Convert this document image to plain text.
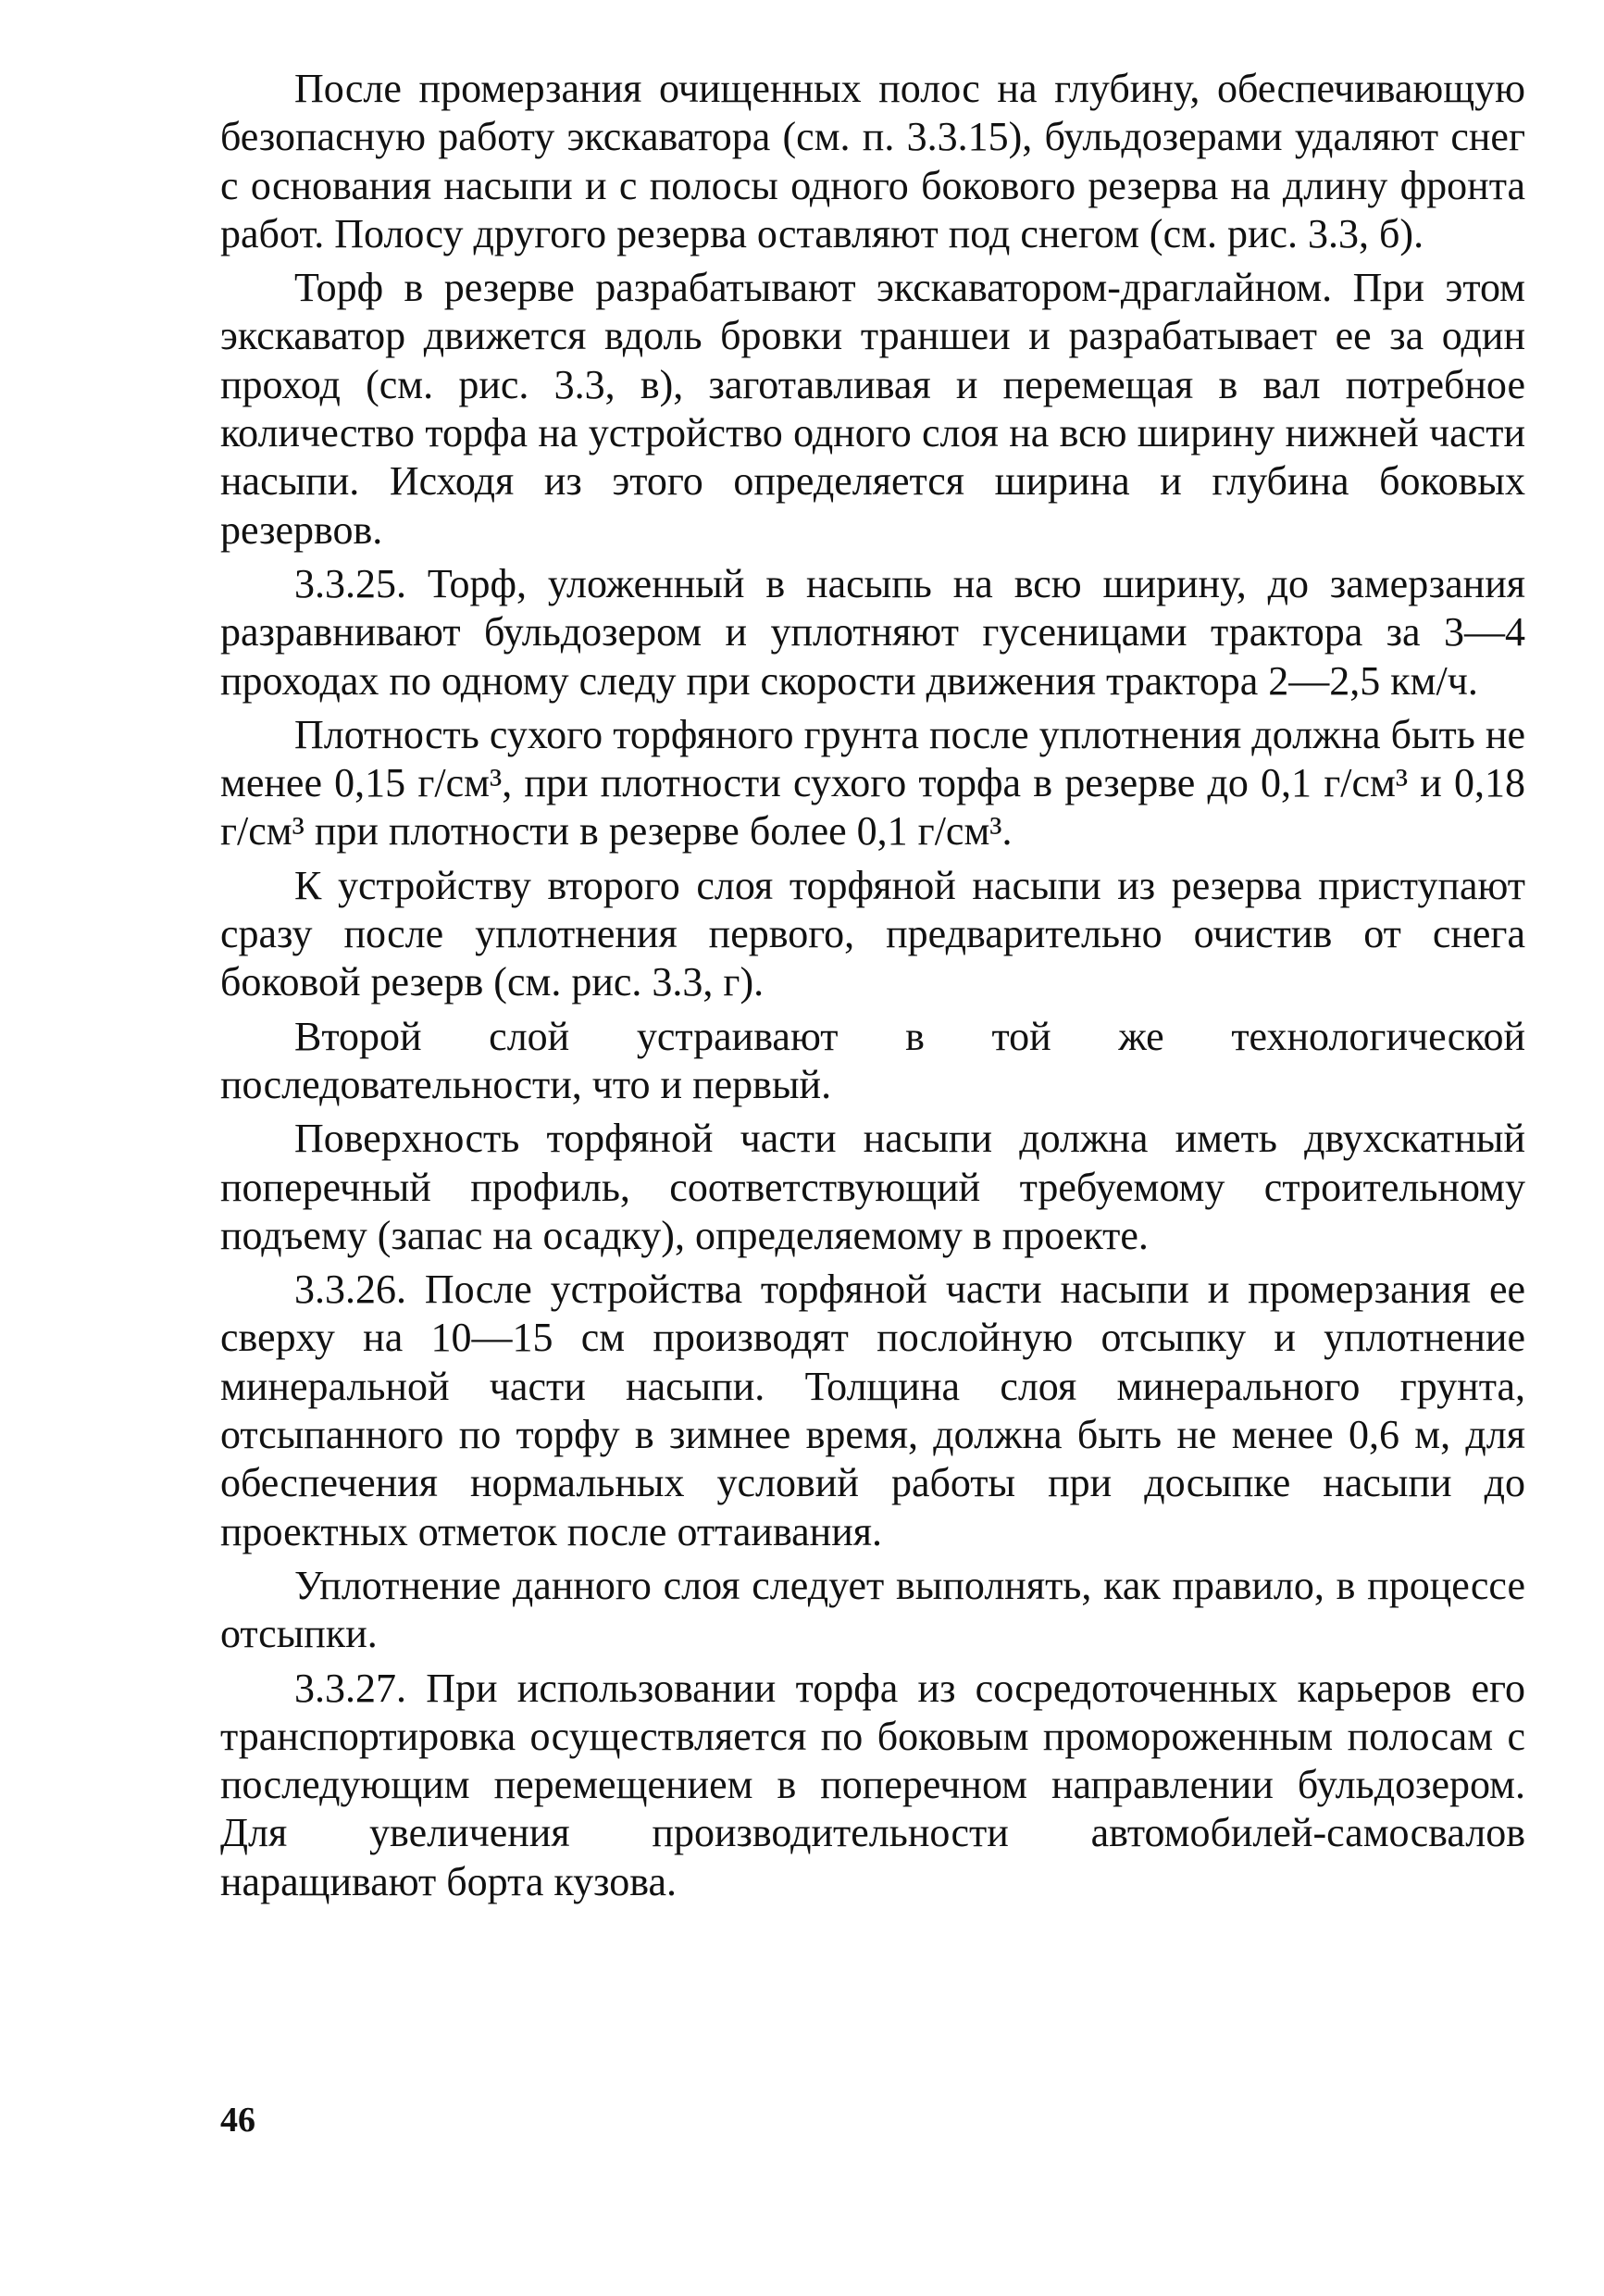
После промерзания очищенных полос на глубину, обеспечивающую безопасную работу экскаватора (см. п. 3.3.15), бульдозерами удаляют снег с основания насыпи и с полосы одного бокового резерва на длину фронта работ. Полосу другого резерва оставляют под снегом (см. рис. 3.3, б).

Торф в резерве разрабатывают экскаватором-драглайном. При этом экскаватор движется вдоль бровки траншеи и разрабатывает ее за один проход (см. рис. 3.3, в), заготавливая и перемещая в вал потребное количество торфа на устройство одного слоя на всю ширину нижней части насыпи. Исходя из этого определяется ширина и глубина боковых резервов.

3.3.25. Торф, уложенный в насыпь на всю ширину, до замерзания разравнивают бульдозером и уплотняют гусеницами трактора за 3—4 про‍‍ходах по одному следу при скорости движения трактора 2—2,5 км/ч.

Плотность сухого торфяного грунта после уплотнения должна быть не менее 0,15 г/см³, при плотности сухого торфа в резерве до 0,1 г/см³ и 0,18 г/см³ при плотности в резерве более 0,1 г/см³.

К устройству второго слоя торфяной насыпи из резерва приступают сразу после уплотнения первого, предварительно очистив от снега боковой резерв (см. рис. 3.3, г).

Второй слой устраивают в той же технологической последовательности, что и первый.

Поверхность торфяной части насыпи должна иметь двухскатный поперечный профиль, соответствующий требуемому строительному подъему (запас на осадку), определяемому в проекте.

3.3.26. После устройства торфяной части насыпи и промерзания ее сверху на 10—15 см производят послойную отсыпку и уплотнение минеральной части насыпи. Толщина слоя минерального грунта, отсыпанного по торфу в зимнее время, должна быть не менее 0,6 м, для обеспечения нормальных условий работы при досыпке насыпи до проектных отметок после оттаивания.

Уплотнение данного слоя следует выполнять, как правило, в процессе отсыпки.

3.3.27. При использовании торфа из сосредоточенных карьеров его транспортировка осуществляется по боковым промороженным полосам с последующим перемещением в поперечном направлении бульдозером. Для увеличения производительности автомобилей-самосвалов наращивают борта кузова.

46
